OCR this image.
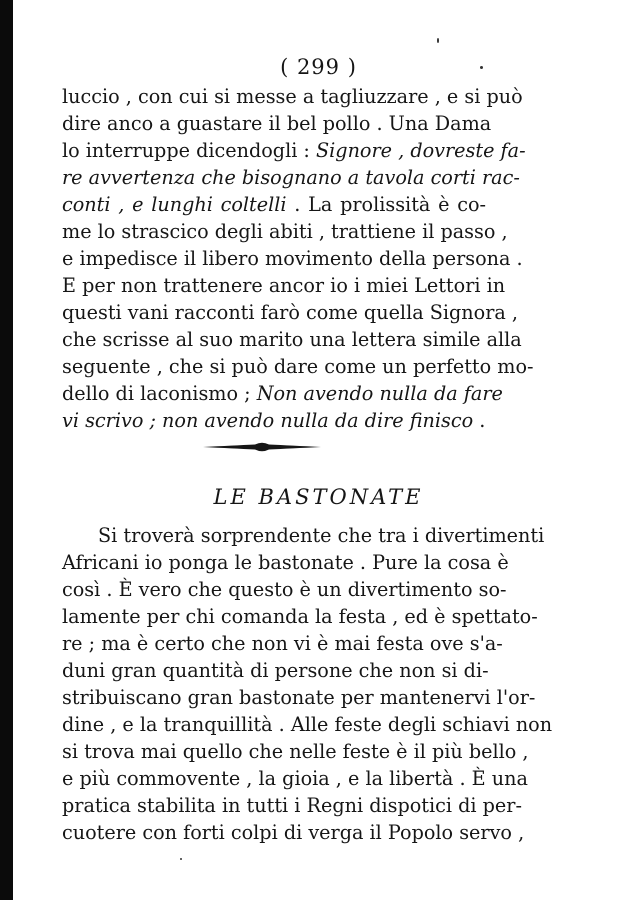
( 299 )
luccio , con cui si messe a tagliuzzare , e si può
dire anco a guastare il bel pollo . Una Dama
lo interruppe dicendogli : Signore , dovreste fa-
re avvertenza che bisognano a tavola corti rac-
conti , e lunghi coltelli . La prolissità è co-
me lo strascico degli abiti , trattiene il passo ,
e impedisce il libero movimento della persona .
E per non trattenere ancor io i miei Lettori in
questi vani racconti farò come quella Signora ,
che scrisse al suo marito una lettera simile alla
seguente , che si può dare come un perfetto mo-
dello di laconismo ; Non avendo nulla da fare
vi scrivo ; non avendo nulla da dire finisco .
LE BASTONATE
Si troverà sorprendente che tra i divertimenti
Africani io ponga le bastonate . Pure la cosa è
così . È vero che questo è un divertimento so-
lamente per chi comanda la festa , ed è spettato-
re ; ma è certo che non vi è mai festa ove s'a-
duni gran quantità di persone che non si di-
stribuiscano gran bastonate per mantenervi l'or-
dine , e la tranquillità . Alle feste degli schiavi non
si trova mai quello che nelle feste è il più bello ,
e più commovente , la gioia , e la libertà . È una
pratica stabilita in tutti i Regni dispotici di per-
cuotere con forti colpi di verga il Popolo servo ,
